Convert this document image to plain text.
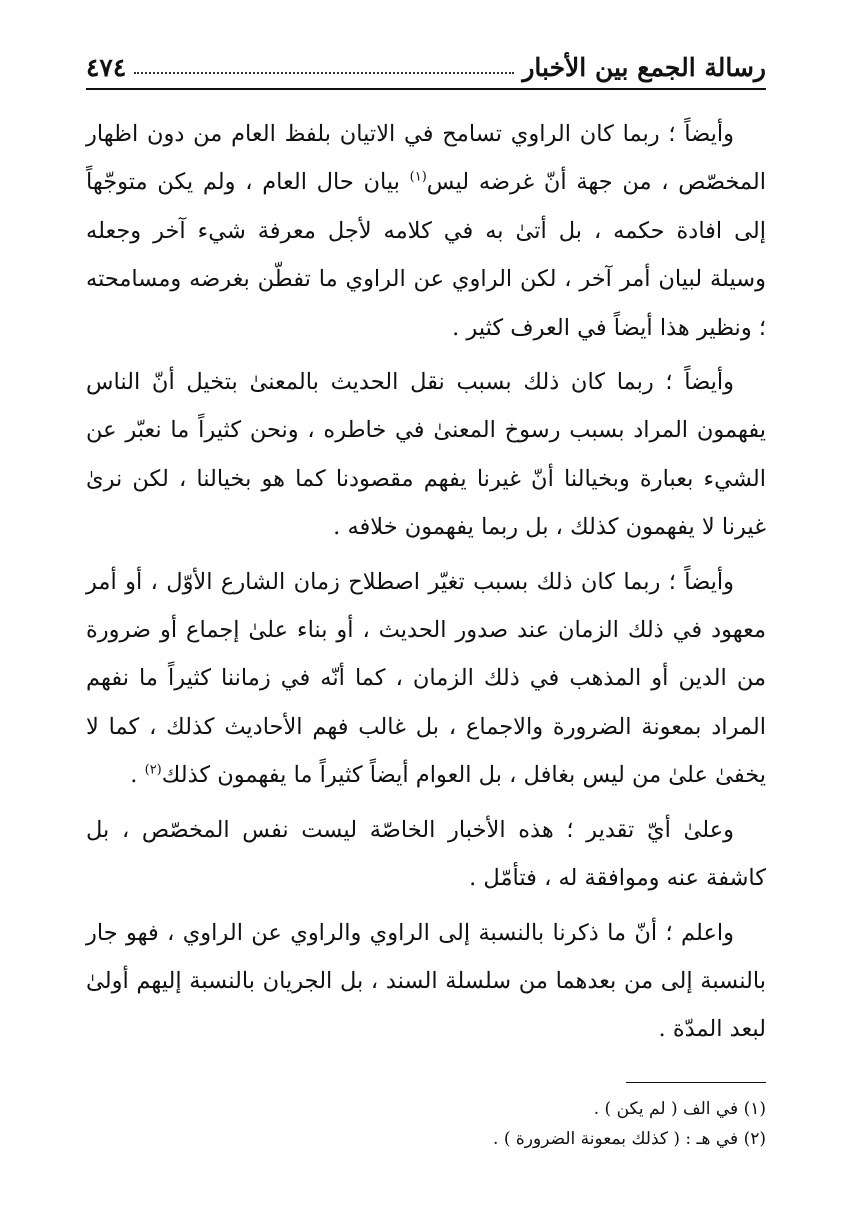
رسالة الجمع بين الأخبار
٤٧٤

وأيضاً ؛ ربما كان الراوي تسامح في الاتيان بلفظ العام من دون اظهار المخصّص ، من جهة أنّ غرضه ليس$^{(١)}$ بيان حال العام ، ولم يكن متوجّهاً إلى افادة حكمه ، بل أتىٰ به في كلامه لأجل معرفة شيء آخر وجعله وسيلة لبيان أمر آخر ، لكن الراوي عن الراوي ما تفطّن بغرضه ومسامحته ؛ ونظير هذا أيضاً في العرف كثير .

وأيضاً ؛ ربما كان ذلك بسبب نقل الحديث بالمعنىٰ بتخيل أنّ الناس يفهمون المراد بسبب رسوخ المعنىٰ في خاطره ، ونحن كثيراً ما نعبّر عن الشيء بعبارة وبخيالنا أنّ غيرنا يفهم مقصودنا كما هو بخيالنا ، لكن نرىٰ غيرنا لا يفهمون كذلك ، بل ربما يفهمون خلافه .

وأيضاً ؛ ربما كان ذلك بسبب تغيّر اصطلاح زمان الشارع الأوّل ، أو أمر معهود في ذلك الزمان عند صدور الحديث ، أو بناء علىٰ إجماع أو ضرورة من الدين أو المذهب في ذلك الزمان ، كما أنّه في زماننا كثيراً ما نفهم المراد بمعونة الضرورة والاجماع ، بل غالب فهم الأحاديث كذلك ، كما لا يخفىٰ علىٰ من ليس بغافل ، بل العوام أيضاً كثيراً ما يفهمون كذلك$^{(٢)}$ .

وعلىٰ أيّ تقدير ؛ هذه الأخبار الخاصّة ليست نفس المخصّص ، بل كاشفة عنه وموافقة له ، فتأمّل .

واعلم ؛ أنّ ما ذكرنا بالنسبة إلى الراوي والراوي عن الراوي ، فهو جار بالنسبة إلى من بعدهما من سلسلة السند ، بل الجريان بالنسبة إليهم أولىٰ لبعد المدّة .

(١) في الف ( لم يكن ) .
(٢) في هـ : ( كذلك بمعونة الضرورة ) .
